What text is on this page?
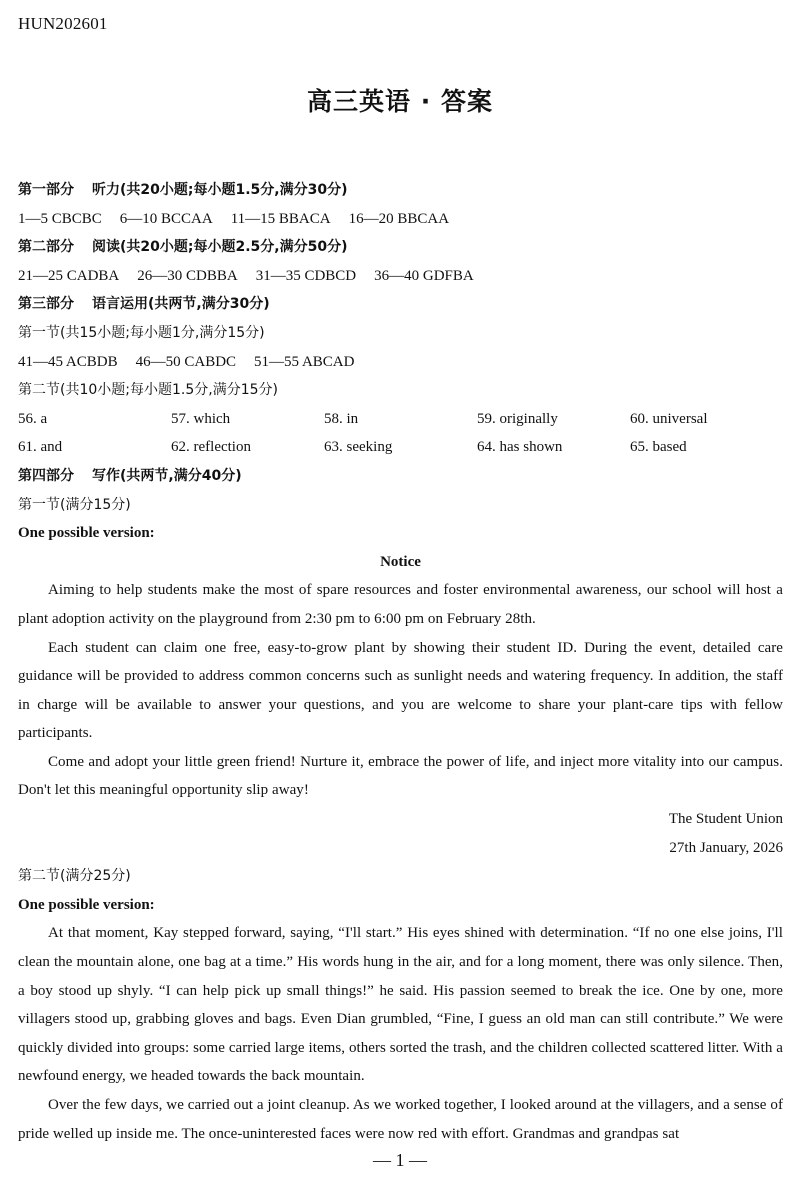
HUN202601
高三英语 · 答案
第一部分 听力(共20小题;每小题1.5分,满分30分)
1—5 CBCBC 6—10 BCCAA 11—15 BBACA 16—20 BBCAA
第二部分 阅读(共20小题;每小题2.5分,满分50分)
21—25 CADBA 26—30 CDBBA 31—35 CDBCD 36—40 GDFBA
第三部分 语言运用(共两节,满分30分)
第一节(共15小题;每小题1分,满分15分)
41—45 ACBDB 46—50 CABDC 51—55 ABCAD
第二节(共10小题;每小题1.5分,满分15分)
56. a	57. which	58. in	59. originally	60. universal
61. and	62. reflection	63. seeking	64. has shown	65. based
第四部分 写作(共两节,满分40分)
第一节(满分15分)
One possible version:
Notice

Aiming to help students make the most of spare resources and foster environmental awareness, our school will host a plant adoption activity on the playground from 2:30 pm to 6:00 pm on February 28th.

Each student can claim one free, easy-to-grow plant by showing their student ID. During the event, detailed care guidance will be provided to address common concerns such as sunlight needs and watering frequency. In addition, the staff in charge will be available to answer your questions, and you are welcome to share your plant-care tips with fellow participants.

Come and adopt your little green friend! Nurture it, embrace the power of life, and inject more vitality into our campus. Don't let this meaningful opportunity slip away!

The Student Union
27th January, 2026
第二节(满分25分)
One possible version:

At that moment, Kay stepped forward, saying, “I'll start.” His eyes shined with determination. “If no one else joins, I'll clean the mountain alone, one bag at a time.” His words hung in the air, and for a long moment, there was only silence. Then, a boy stood up shyly. “I can help pick up small things!” he said. His passion seemed to break the ice. One by one, more villagers stood up, grabbing gloves and bags. Even Dian grumbled, “Fine, I guess an old man can still contribute.” We were quickly divided into groups: some carried large items, others sorted the trash, and the children collected scattered litter. With a newfound energy, we headed towards the back mountain.

Over the few days, we carried out a joint cleanup. As we worked together, I looked around at the villagers, and a sense of pride welled up inside me. The once-uninterested faces were now red with effort. Grandmas and grandpas sat

— 1 —
